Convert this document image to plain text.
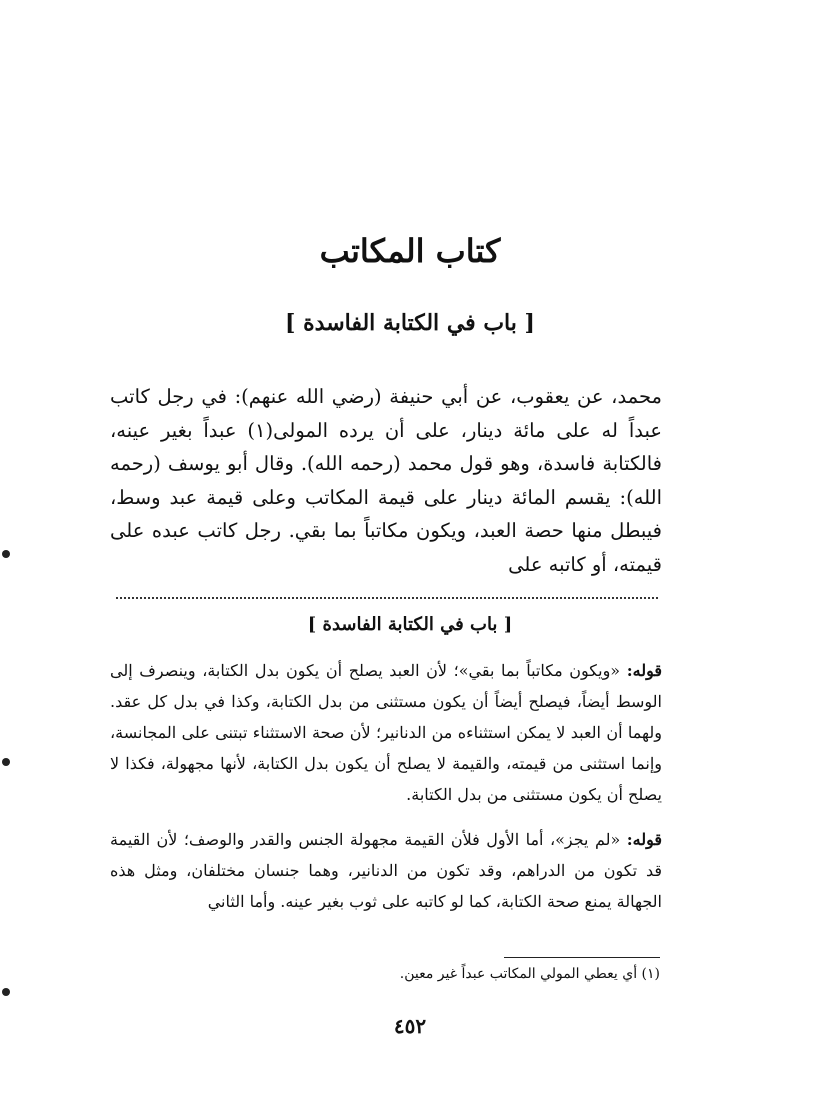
كتاب المكاتب
[ باب في الكتابة الفاسدة ]
محمد، عن يعقوب، عن أبي حنيفة (رضي الله عنهم): في رجل كاتب عبداً له على مائة دينار، على أن يرده المولى(١) عبداً بغير عينه، فالكتابة فاسدة، وهو قول محمد (رحمه الله). وقال أبو يوسف (رحمه الله): يقسم المائة دينار على قيمة المكاتب وعلى قيمة عبد وسط، فيبطل منها حصة العبد، ويكون مكاتباً بما بقي. رجل كاتب عبده على قيمته، أو كاتبه على
[ باب في الكتابة الفاسدة ]
قوله: «ويكون مكاتباً بما بقي»؛ لأن العبد يصلح أن يكون بدل الكتابة، وينصرف إلى الوسط أيضاً، فيصلح أيضاً أن يكون مستثنى من بدل الكتابة، وكذا في بدل كل عقد. ولهما أن العبد لا يمكن استثناءه من الدنانير؛ لأن صحة الاستثناء تبتنى على المجانسة، وإنما استثنى من قيمته، والقيمة لا يصلح أن يكون بدل الكتابة، لأنها مجهولة، فكذا لا يصلح أن يكون مستثنى من بدل الكتابة.
قوله: «لم يجز»، أما الأول فلأن القيمة مجهولة الجنس والقدر والوصف؛ لأن القيمة قد تكون من الدراهم، وقد تكون من الدنانير، وهما جنسان مختلفان، ومثل هذه الجهالة يمنع صحة الكتابة، كما لو كاتبه على ثوب بغير عينه. وأما الثاني
(١) أي يعطي المولي المكاتب عبداً غير معين.
٤٥٢
